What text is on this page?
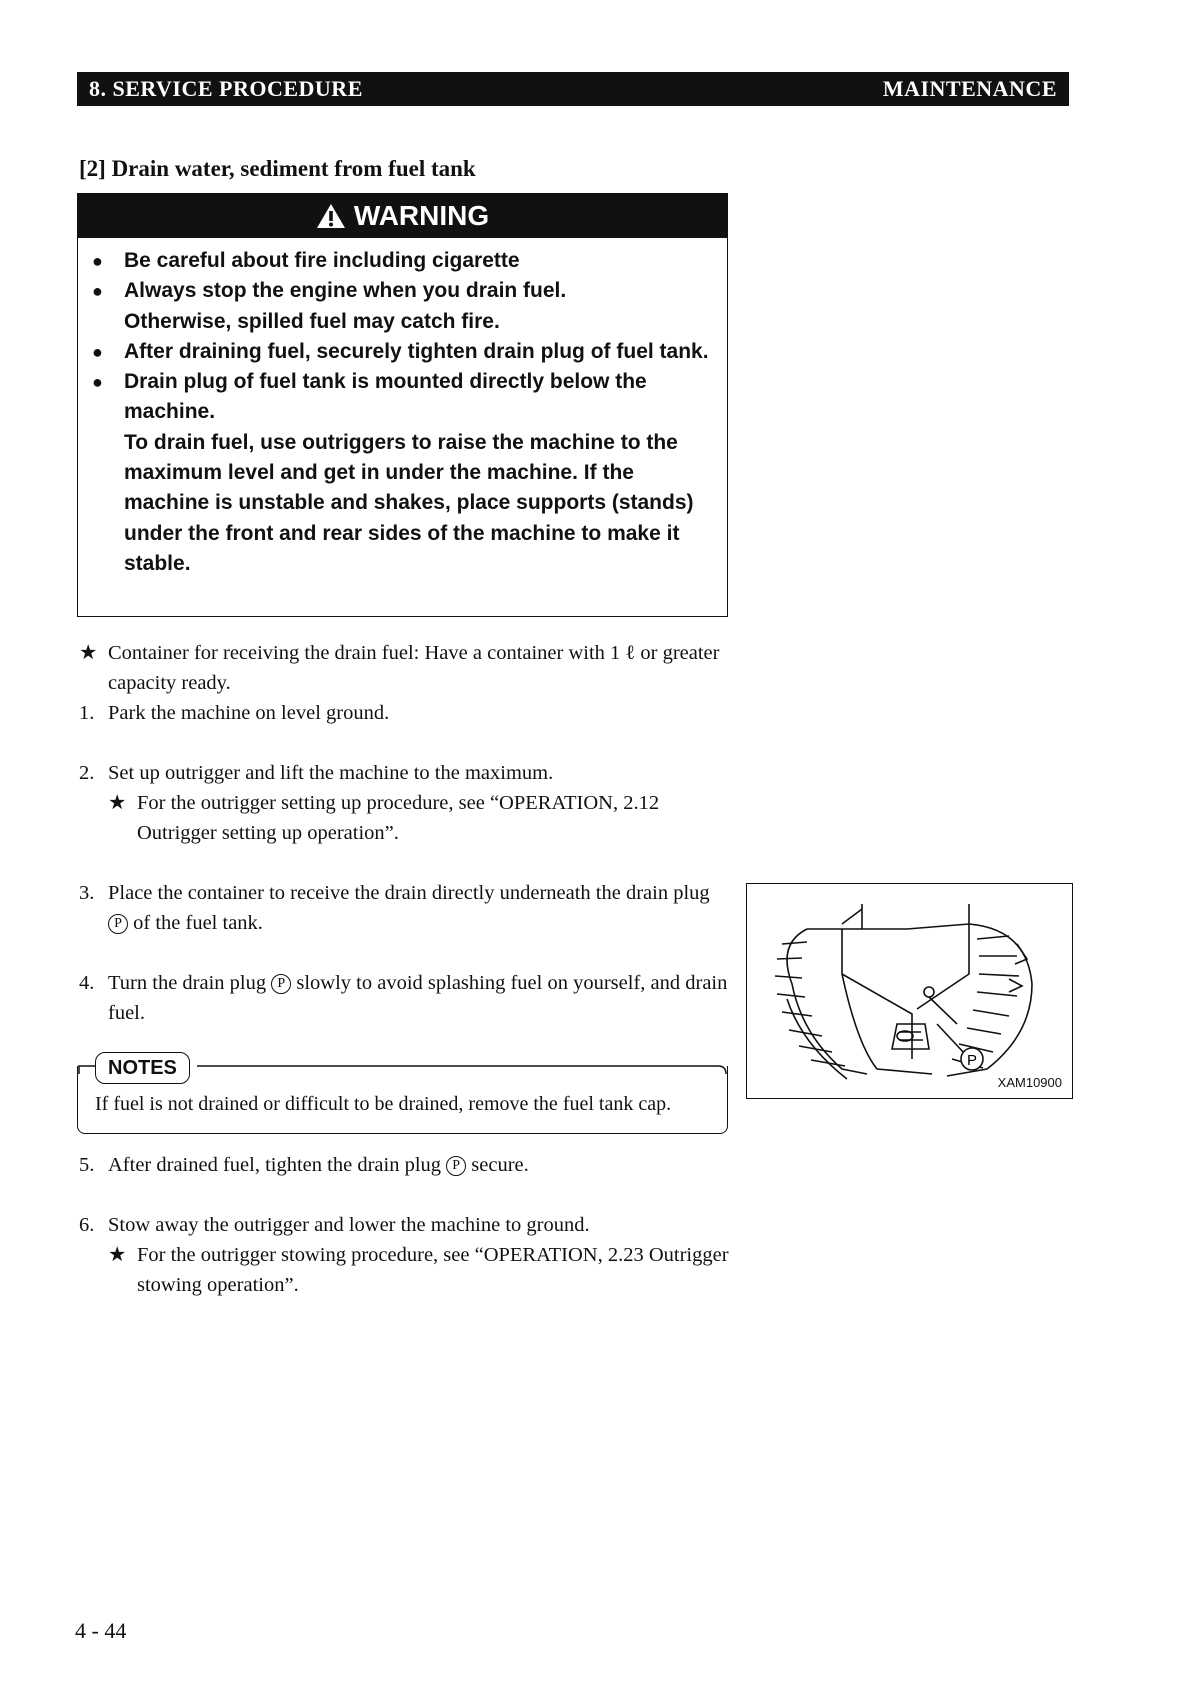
8. SERVICE PROCEDURE	MAINTENANCE
[2] Drain water, sediment from fuel tank
WARNING
●	Be careful about fire including cigarette
●	Always stop the engine when you drain fuel.
Otherwise, spilled fuel may catch fire.
●	After draining fuel, securely tighten drain plug of fuel tank.
●	Drain plug of fuel tank is mounted directly below the machine.
To drain fuel, use outriggers to raise the machine to the maximum level and get in under the machine. If the machine is unstable and shakes, place supports (stands) under the front and rear sides of the machine to make it stable.
★ Container for receiving the drain fuel: Have a container with 1 ℓ or greater capacity ready.
1. Park the machine on level ground.
2. Set up outrigger and lift the machine to the maximum.
★ For the outrigger setting up procedure, see “OPERATION, 2.12 Outrigger setting up operation”.
3. Place the container to receive the drain directly underneath the drain plug P of the fuel tank.
4. Turn the drain plug P slowly to avoid splashing fuel on yourself, and drain fuel.
NOTES
If fuel is not drained or difficult to be drained, remove the fuel tank cap.
5. After drained fuel, tighten the drain plug P secure.
6. Stow away the outrigger and lower the machine to ground.
★ For the outrigger stowing procedure, see “OPERATION, 2.23 Outrigger stowing operation”.
P
XAM10900
4 - 44
